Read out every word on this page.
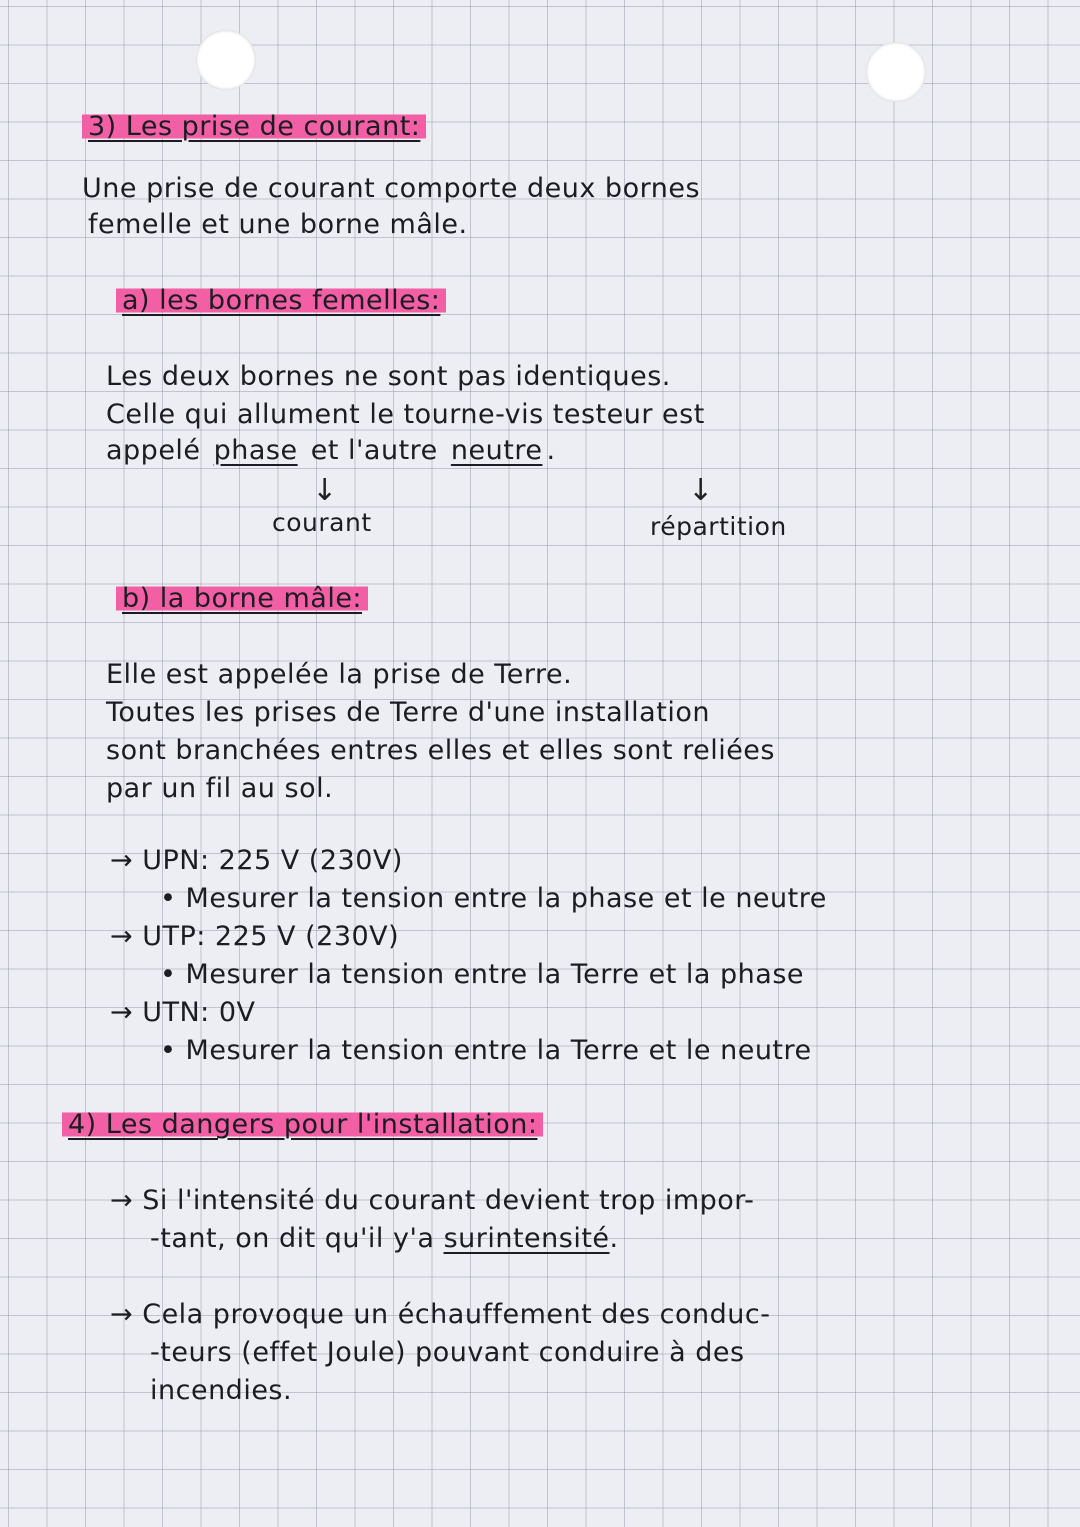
3) Les prise de courant:

Une prise de courant comporte deux bornes

femelle et une borne mâle.

a) les bornes femelles:

Les deux bornes ne sont pas identiques.

Celle qui allument le tourne-vis testeur est

appelé phase et l'autre neutre .

↓	↓

courant	répartition

b) la borne mâle:

Elle est appelée la prise de Terre.

Toutes les prises de Terre d'une installation

sont branchées entres elles et elles sont reliées

par un fil au sol.

→ UPN: 225 V (230V)

• Mesurer la tension entre la phase et le neutre

→ UTP: 225 V (230V)

• Mesurer la tension entre la Terre et la phase

→ UTN: 0V

• Mesurer la tension entre la Terre et le neutre

4) Les dangers pour l'installation:

→ Si l'intensité du courant devient trop impor-

-tant, on dit qu'il y'a surintensité.

→ Cela provoque un échauffement des conduc-

-teurs (effet Joule) pouvant conduire à des

incendies.
